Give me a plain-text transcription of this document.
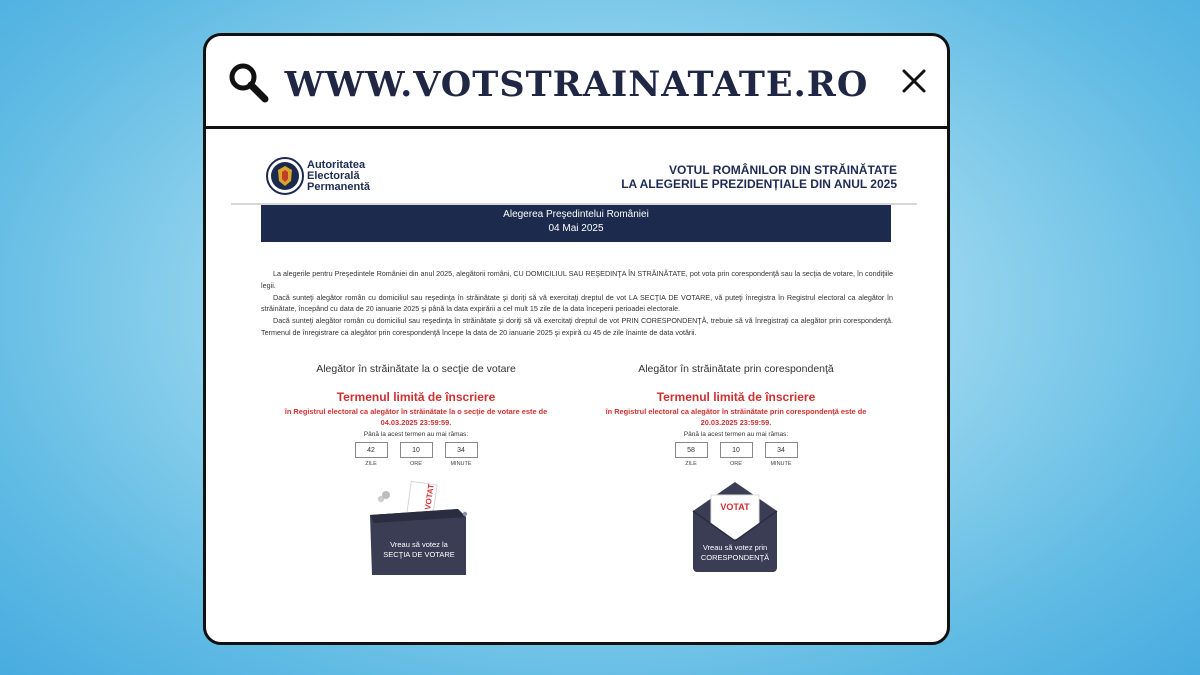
WWW.VOTSTRAINATATE.RO
Autoritatea
Electorală
Permanentă
VOTUL ROMÂNILOR DIN STRĂINĂTATE
LA ALEGERILE PREZIDENȚIALE DIN ANUL 2025
Alegerea Preşedintelui României
04 Mai 2025

La alegerile pentru Preşedintele României din anul 2025, alegătorii români, CU DOMICILIUL SAU REŞEDINŢA ÎN STRĂINĂTATE, pot vota prin corespondenţă sau la secţia de votare, în condiţiile legii.

Dacă sunteţi alegător român cu domiciliul sau reşedinţa în străinătate şi doriţi să vă exercitaţi dreptul de vot LA SECŢIA DE VOTARE, vă puteţi înregistra în Registrul electoral ca alegător în străinătate, începând cu data de 20 ianuarie 2025 şi până la data expirării a cel mult 15 zile de la data începerii perioadei electorale.

Dacă sunteţi alegător român cu domiciliul sau reşedinţa în străinătate şi doriţi să vă exercitaţi dreptul de vot PRIN CORESPONDENŢĂ, trebuie să vă înregistraţi ca alegător prin corespondenţă. Termenul de înregistrare ca alegător prin corespondenţă începe la data de 20 ianuarie 2025 şi expiră cu 45 de zile înainte de data votării.

Alegător în străinătate la o secţie de votare
Termenul limită de înscriere
în Registrul electoral ca alegător în străinătate la o secţie de votare este de 04.03.2025 23:59:59.
Până la acest termen au mai rămas:
42
ZILE
10
ORE
34
MINUTE
Alegător în străinătate prin corespondenţă
Termenul limită de înscriere
în Registrul electoral ca alegător în străinătate prin corespondenţă este de 20.03.2025 23:59:59.
Până la acest termen au mai rămas:
58
ZILE
10
ORE
34
MINUTE
VOTAT
Vreau să votez la
SECŢIA DE VOTARE
VOTAT
Vreau să votez prin
CORESPONDENŢĂ
